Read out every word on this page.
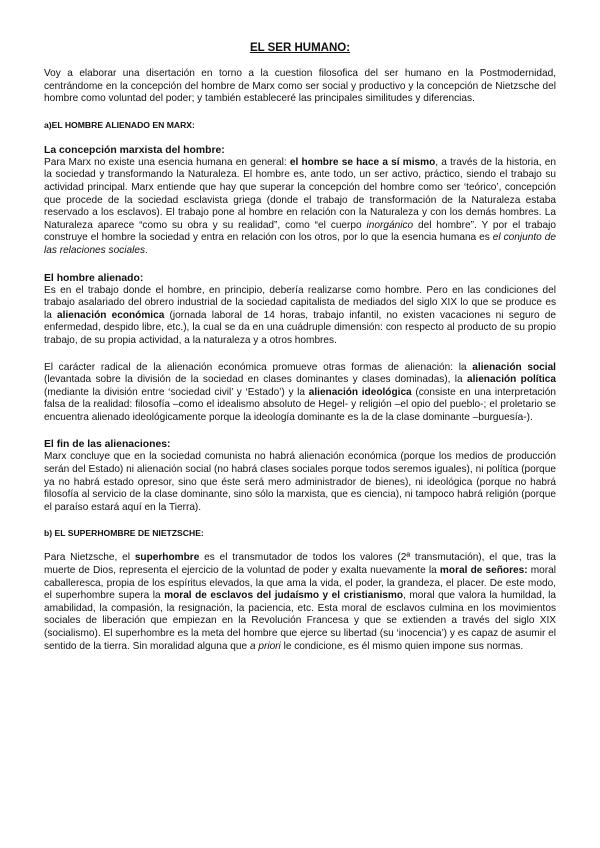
EL SER HUMANO:

Voy a elaborar una disertación en torno a la cuestion filosofica del ser humano en la Postmodernidad, centrándome en la concepción del hombre de Marx como ser social y productivo y la concepción de Nietzsche del hombre como voluntad del poder; y también estableceré las principales similitudes y diferencias.

a)EL HOMBRE ALIENADO EN MARX:
La concepción marxista del hombre:

Para Marx no existe una esencia humana en general: el hombre se hace a sí mismo, a través de la historia, en la sociedad y transformando la Naturaleza. El hombre es, ante todo, un ser activo, práctico, siendo el trabajo su actividad principal. Marx entiende que hay que superar la concepción del hombre como ser ‘teórico’, concepción que procede de la sociedad esclavista griega (donde el trabajo de transformación de la Naturaleza estaba reservado a los esclavos). El trabajo pone al hombre en relación con la Naturaleza y con los demás hombres. La Naturaleza aparece “como su obra y su realidad”, como “el cuerpo inorgánico del hombre”. Y por el trabajo construye el hombre la sociedad y entra en relación con los otros, por lo que la esencia humana es el conjunto de las relaciones sociales.

El hombre alienado:

Es en el trabajo donde el hombre, en principio, debería realizarse como hombre. Pero en las condiciones del trabajo asalariado del obrero industrial de la sociedad capitalista de mediados del siglo XIX lo que se produce es la alienación económica (jornada laboral de 14 horas, trabajo infantil, no existen vacaciones ni seguro de enfermedad, despido libre, etc.), la cual se da en una cuádruple dimensión: con respecto al producto de su propio trabajo, de su propia actividad, a la naturaleza y a otros hombres.

El carácter radical de la alienación económica promueve otras formas de alienación: la alienación social (levantada sobre la división de la sociedad en clases dominantes y clases dominadas), la alienación política (mediante la división entre ‘sociedad civil’ y ‘Estado’) y la alienación ideológica (consiste en una interpretación falsa de la realidad: filosofía –como el idealismo absoluto de Hegel- y religión –el opio del pueblo-; el proletario se encuentra alienado ideológicamente porque la ideología dominante es la de la clase dominante –burguesía-).

El fin de las alienaciones:

Marx concluye que en la sociedad comunista no habrá alienación económica (porque los medios de producción serán del Estado) ni alienación social (no habrá clases sociales porque todos seremos iguales), ni política (porque ya no habrá estado opresor, sino que éste será mero administrador de bienes), ni ideológica (porque no habrá filosofía al servicio de la clase dominante, sino sólo la marxista, que es ciencia), ni tampoco habrá religión (porque el paraíso estará aquí en la Tierra).

b) EL SUPERHOMBRE DE NIETZSCHE:

Para Nietzsche, el superhombre es el transmutador de todos los valores (2ª transmutación), el que, tras la muerte de Dios, representa el ejercicio de la voluntad de poder y exalta nuevamente la moral de señores: moral caballeresca, propia de los espíritus elevados, la que ama la vida, el poder, la grandeza, el placer. De este modo, el superhombre supera la moral de esclavos del judaísmo y el cristianismo, moral que valora la humildad, la amabilidad, la compasión, la resignación, la paciencia, etc. Esta moral de esclavos culmina en los movimientos sociales de liberación que empiezan en la Revolución Francesa y que se extienden a través del siglo XIX (socialismo). El superhombre es la meta del hombre que ejerce su libertad (su ‘inocencia’) y es capaz de asumir el sentido de la tierra. Sin moralidad alguna que a priori le condicione, es él mismo quien impone sus normas.
